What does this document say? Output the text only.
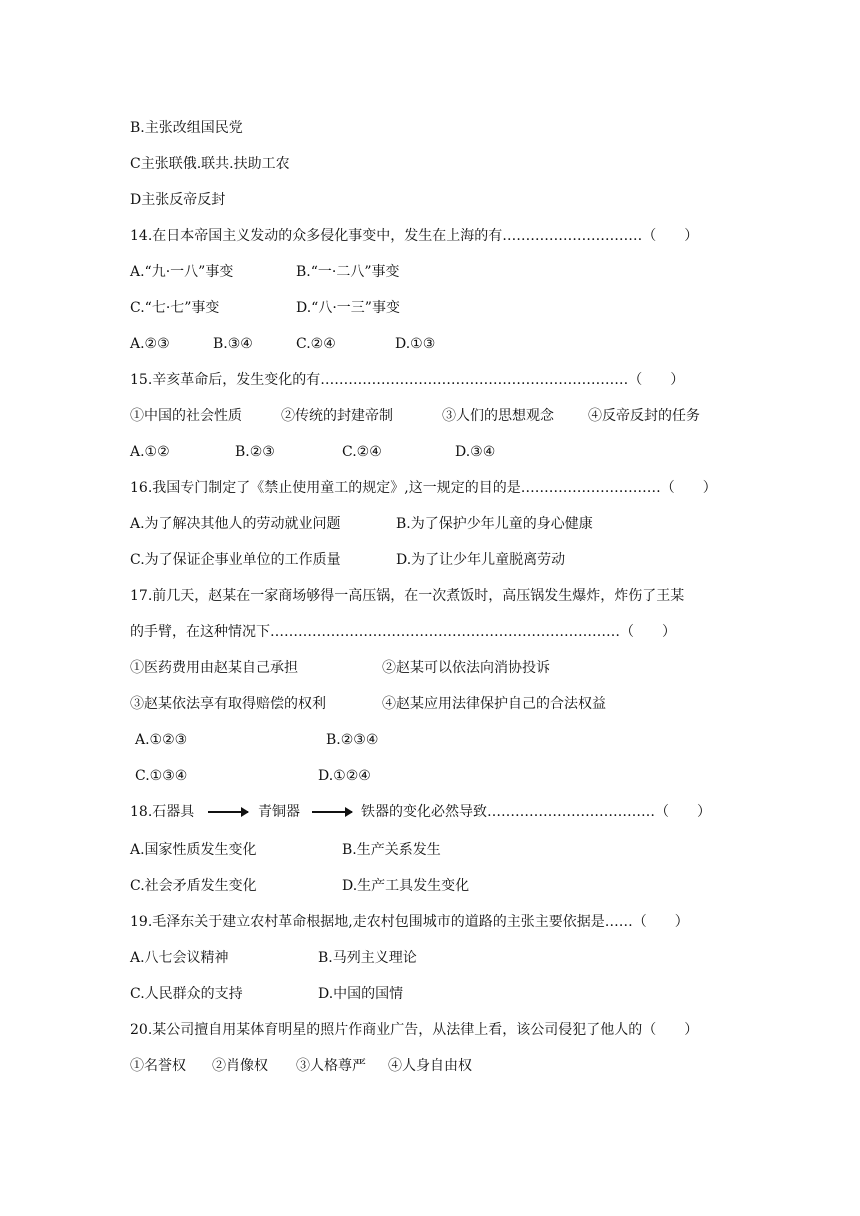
B.主张改组国民党
C主张联俄.联共.扶助工农
D主张反帝反封
14.在日本帝国主义发动的众多侵化事变中，发生在上海的有…………………………（　　）
A.“九·一八”事变	B.“一·二八”事变
C.“七·七”事变	D.“八·一三”事变
A.②③	B.③④	C.②④	D.①③
15.辛亥革命后，发生变化的有…………………………………………………………（　　）
①中国的社会性质	②传统的封建帝制	③人们的思想观念 ④反帝反封的任务
A.①②	B.②③	C.②④	D.③④
16.我国专门制定了《禁止使用童工的规定》,这一规定的目的是…………………………（　　）
A.为了解决其他人的劳动就业问题	B.为了保护少年儿童的身心健康
C.为了保证企事业单位的工作质量	D.为了让少年儿童脱离劳动
17.前几天，赵某在一家商场够得一高压锅，在一次煮饭时，高压锅发生爆炸，炸伤了王某
的手臂，在这种情况下…………………………………………………………………（　　）
①医药费用由赵某自己承担	②赵某可以依法向消协投诉
③赵某依法享有取得赔偿的权利	④赵某应用法律保护自己的合法权益
A.①②③	B.②③④
C.①③④	D.①②④
18.石器具	青铜器	铁器的变化必然导致………………………………（　　）
A.国家性质发生变化	B.生产关系发生
C.社会矛盾发生变化	D.生产工具发生变化
19.毛泽东关于建立农村革命根据地,走农村包围城市的道路的主张主要依据是……（　　）
A.八七会议精神	B.马列主义理论
C.人民群众的支持	D.中国的国情
20.某公司擅自用某体育明星的照片作商业广告，从法律上看，该公司侵犯了他人的（　　）
①名誉权 ②肖像权 ③人格尊严 ④人身自由权
